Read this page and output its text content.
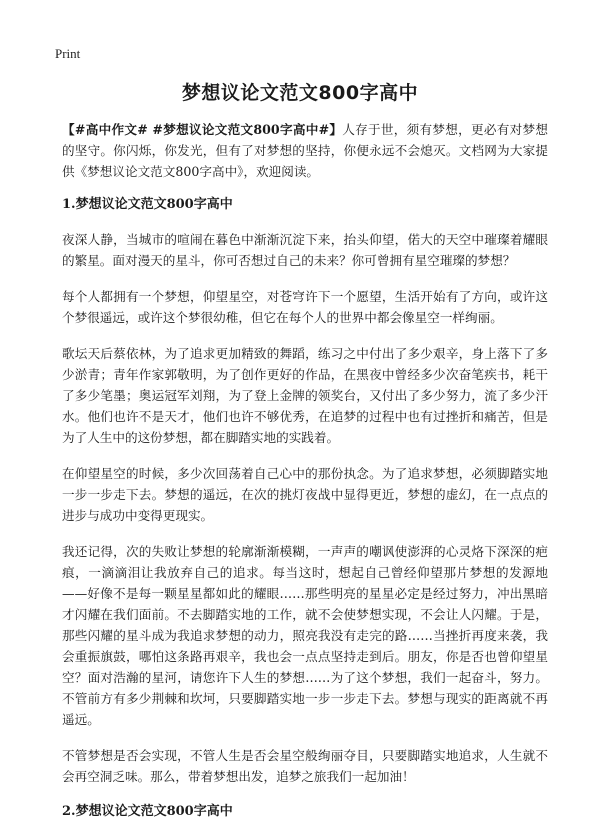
Print
梦想议论文范文800字高中

【#高中作文# #梦想议论文范文800字高中#】人存于世，须有梦想，更必有对梦想的坚守。你闪烁，你发光，但有了对梦想的坚持，你便永远不会熄灭。文档网为大家提供《梦想议论文范文800字高中》，欢迎阅读。

1.梦想议论文范文800字高中

夜深人静，当城市的喧闹在暮色中渐渐沉淀下来，抬头仰望，偌大的天空中璀璨着耀眼的繁星。面对漫天的星斗，你可否想过自己的未来？你可曾拥有星空璀璨的梦想？

每个人都拥有一个梦想，仰望星空，对苍穹许下一个愿望，生活开始有了方向，或许这个梦很遥远，或许这个梦很幼稚，但它在每个人的世界中都会像星空一样绚丽。

歌坛天后蔡依林，为了追求更加精致的舞蹈，练习之中付出了多少艰辛，身上落下了多少淤青；青年作家郭敬明，为了创作更好的作品，在黑夜中曾经多少次奋笔疾书，耗干了多少笔墨；奥运冠军刘翔，为了登上金牌的领奖台，又付出了多少努力，流了多少汗水。他们也许不是天才，他们也许不够优秀，在追梦的过程中也有过挫折和痛苦，但是为了人生中的这份梦想，都在脚踏实地的实践着。

在仰望星空的时候，多少次回荡着自己心中的那份执念。为了追求梦想，必须脚踏实地一步一步走下去。梦想的遥远，在次的挑灯夜战中显得更近，梦想的虚幻，在一点点的进步与成功中变得更现实。

我还记得，次的失败让梦想的轮廓渐渐模糊，一声声的嘲讽使澎湃的心灵烙下深深的疤痕，一滴滴泪让我放弃自己的追求。每当这时，想起自己曾经仰望那片梦想的发源地——好像不是每一颗星星都如此的耀眼……那些明亮的星星必定是经过努力，冲出黑暗才闪耀在我们面前。不去脚踏实地的工作，就不会使梦想实现，不会让人闪耀。于是，那些闪耀的星斗成为我追求梦想的动力，照亮我没有走完的路……当挫折再度来袭，我会重振旗鼓，哪怕这条路再艰辛，我也会一点点坚持走到后。朋友，你是否也曾仰望星空？面对浩瀚的星河，请您许下人生的梦想……为了这个梦想，我们一起奋斗，努力。不管前方有多少荆棘和坎坷，只要脚踏实地一步一步走下去。梦想与现实的距离就不再遥远。

不管梦想是否会实现，不管人生是否会星空般绚丽夺目，只要脚踏实地追求，人生就不会再空洞乏味。那么，带着梦想出发，追梦之旅我们一起加油！

2.梦想议论文范文800字高中
